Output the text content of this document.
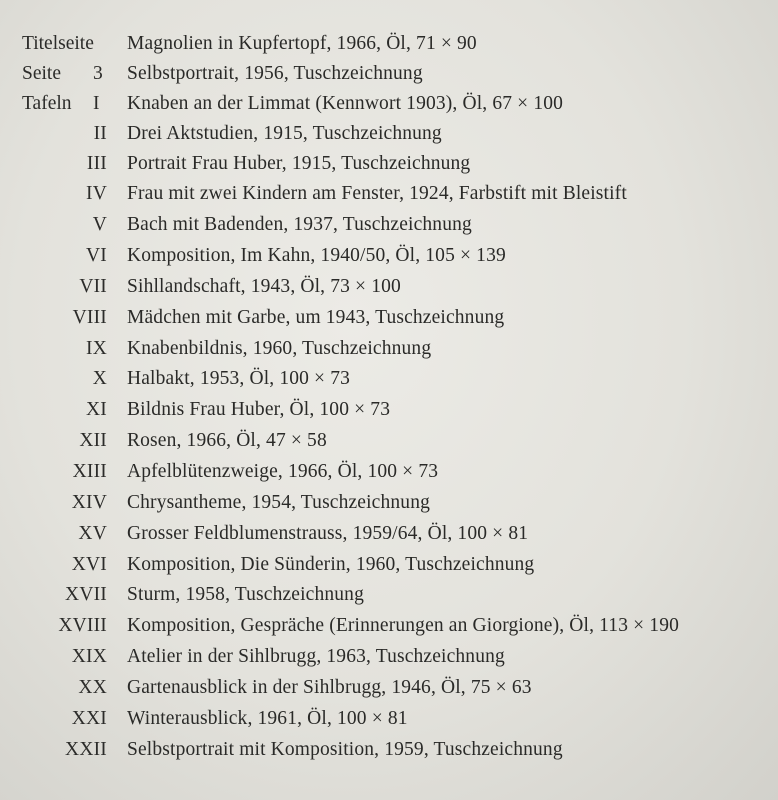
Titelseite Magnolien in Kupfertopf, 1966, Öl, 71 × 90
Seite 3 Selbstportrait, 1956, Tuschzeichnung
Tafeln I Knaben an der Limmat (Kennwort 1903), Öl, 67 × 100
II Drei Aktstudien, 1915, Tuschzeichnung
III Portrait Frau Huber, 1915, Tuschzeichnung
IV Frau mit zwei Kindern am Fenster, 1924, Farbstift mit Bleistift
V Bach mit Badenden, 1937, Tuschzeichnung
VI Komposition, Im Kahn, 1940/50, Öl, 105 × 139
VII Sihllandschaft, 1943, Öl, 73 × 100
VIII Mädchen mit Garbe, um 1943, Tuschzeichnung
IX Knabenbildnis, 1960, Tuschzeichnung
X Halbakt, 1953, Öl, 100 × 73
XI Bildnis Frau Huber, Öl, 100 × 73
XII Rosen, 1966, Öl, 47 × 58
XIII Apfelblütenzweige, 1966, Öl, 100 × 73
XIV Chrysantheme, 1954, Tuschzeichnung
XV Grosser Feldblumenstrauss, 1959/64, Öl, 100 × 81
XVI Komposition, Die Sünderin, 1960, Tuschzeichnung
XVII Sturm, 1958, Tuschzeichnung
XVIII Komposition, Gespräche (Erinnerungen an Giorgione), Öl, 113 × 190
XIX Atelier in der Sihlbrugg, 1963, Tuschzeichnung
XX Gartenausblick in der Sihlbrugg, 1946, Öl, 75 × 63
XXI Winterausblick, 1961, Öl, 100 × 81
XXII Selbstportrait mit Komposition, 1959, Tuschzeichnung
